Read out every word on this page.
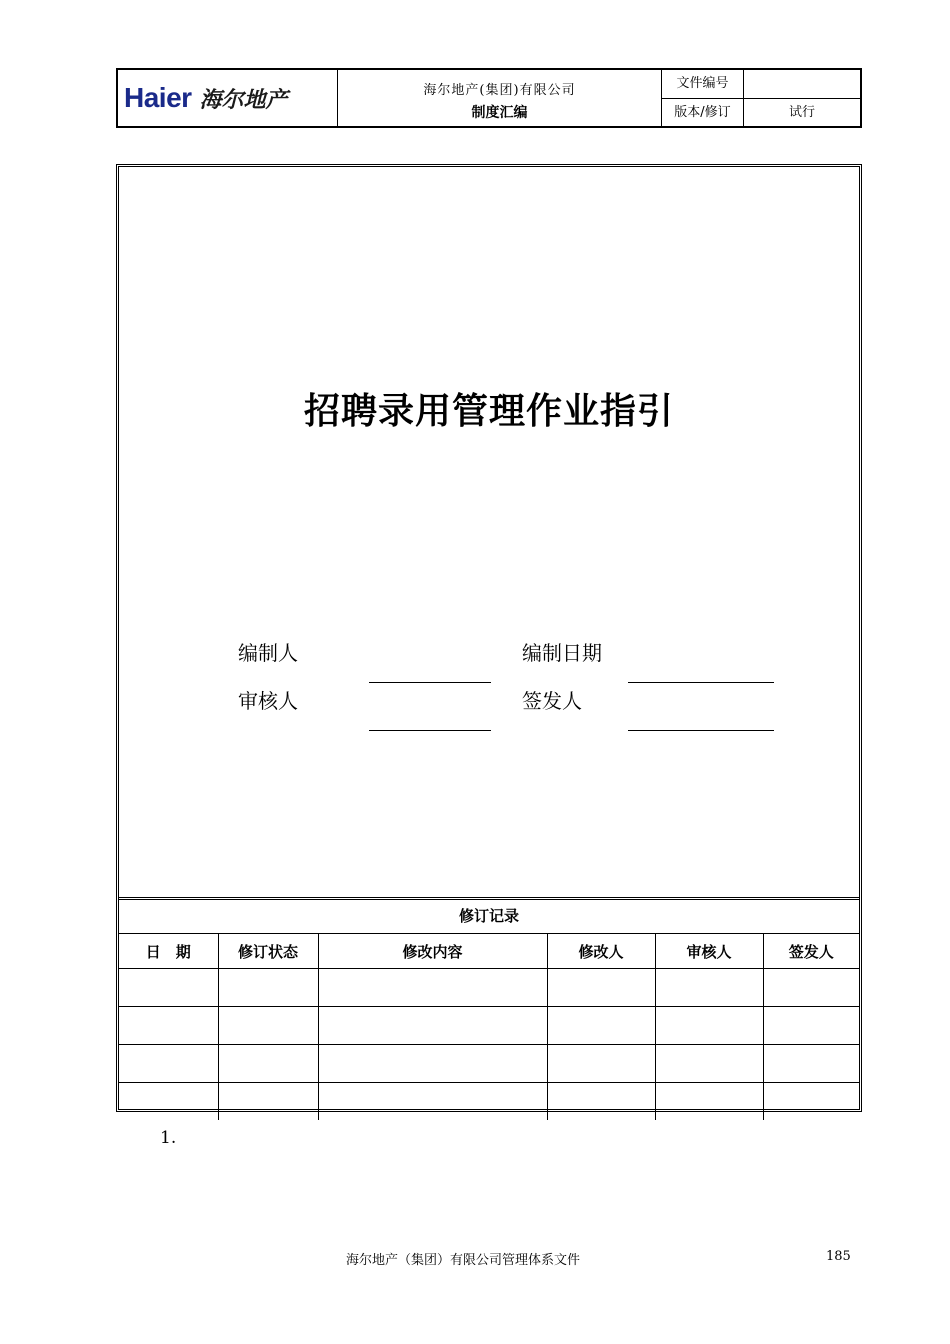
Haier 海尔地产	海尔地产(集团)有限公司
制度汇编
文件编号
版本/修订	试行
招聘录用管理作业指引
编制人	编制日期
审核人	签发人
修订记录
日　期	修订状态	修改内容	修改人	审核人	签发人

1.
海尔地产（集团）有限公司管理体系文件	185
